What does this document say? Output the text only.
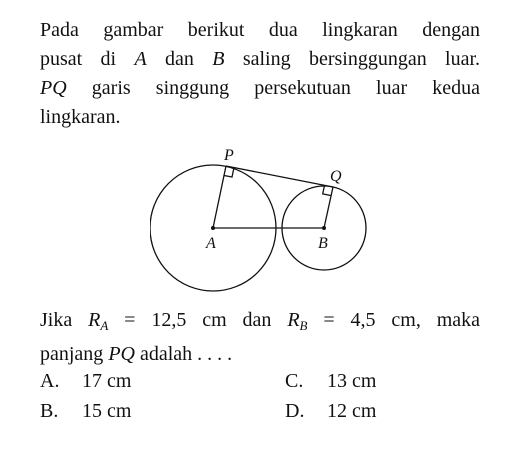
Pada gambar berikut dua lingkaran dengan
pusat di A dan B saling bersinggungan luar.
PQ garis singgung persekutuan luar kedua
lingkaran.
P
Q
A	B
Jika $R_A = 12,5$ cm dan $R_B = 4,5$ cm, maka
panjang PQ adalah . . . .
A. 17 cm
B. 15 cm
C. 13 cm
D. 12 cm
